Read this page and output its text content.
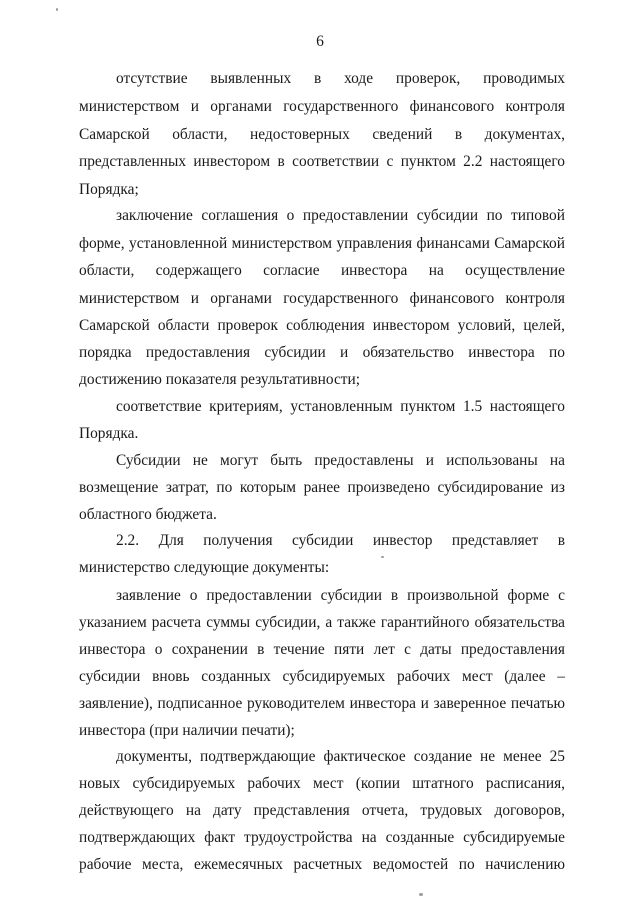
6
отсутствие выявленных в ходе проверок, проводимых
министерством и органами государственного финансового контроля
Самарской области, недостоверных сведений в документах,
представленных инвестором в соответствии с пунктом 2.2 настоящего
Порядка;
заключение соглашения о предоставлении субсидии по типовой
форме, установленной министерством управления финансами Самарской
области, содержащего согласие инвестора на осуществление
министерством и органами государственного финансового контроля
Самарской области проверок соблюдения инвестором условий, целей,
порядка предоставления субсидии и обязательство инвестора по
достижению показателя результативности;
соответствие критериям, установленным пунктом 1.5 настоящего
Порядка.
Субсидии не могут быть предоставлены и использованы на
возмещение затрат, по которым ранее произведено субсидирование из
областного бюджета.
2.2. Для получения субсидии инвестор представляет в
министерство следующие документы:
заявление о предоставлении субсидии в произвольной форме с
указанием расчета суммы субсидии, а также гарантийного обязательства
инвестора о сохранении в течение пяти лет с даты предоставления
субсидии вновь созданных субсидируемых рабочих мест (далее –
заявление), подписанное руководителем инвестора и заверенное печатью
инвестора (при наличии печати);
документы, подтверждающие фактическое создание не менее 25
новых субсидируемых рабочих мест (копии штатного расписания,
действующего на дату представления отчета, трудовых договоров,
подтверждающих факт трудоустройства на созданные субсидируемые
рабочие места, ежемесячных расчетных ведомостей по начислению
